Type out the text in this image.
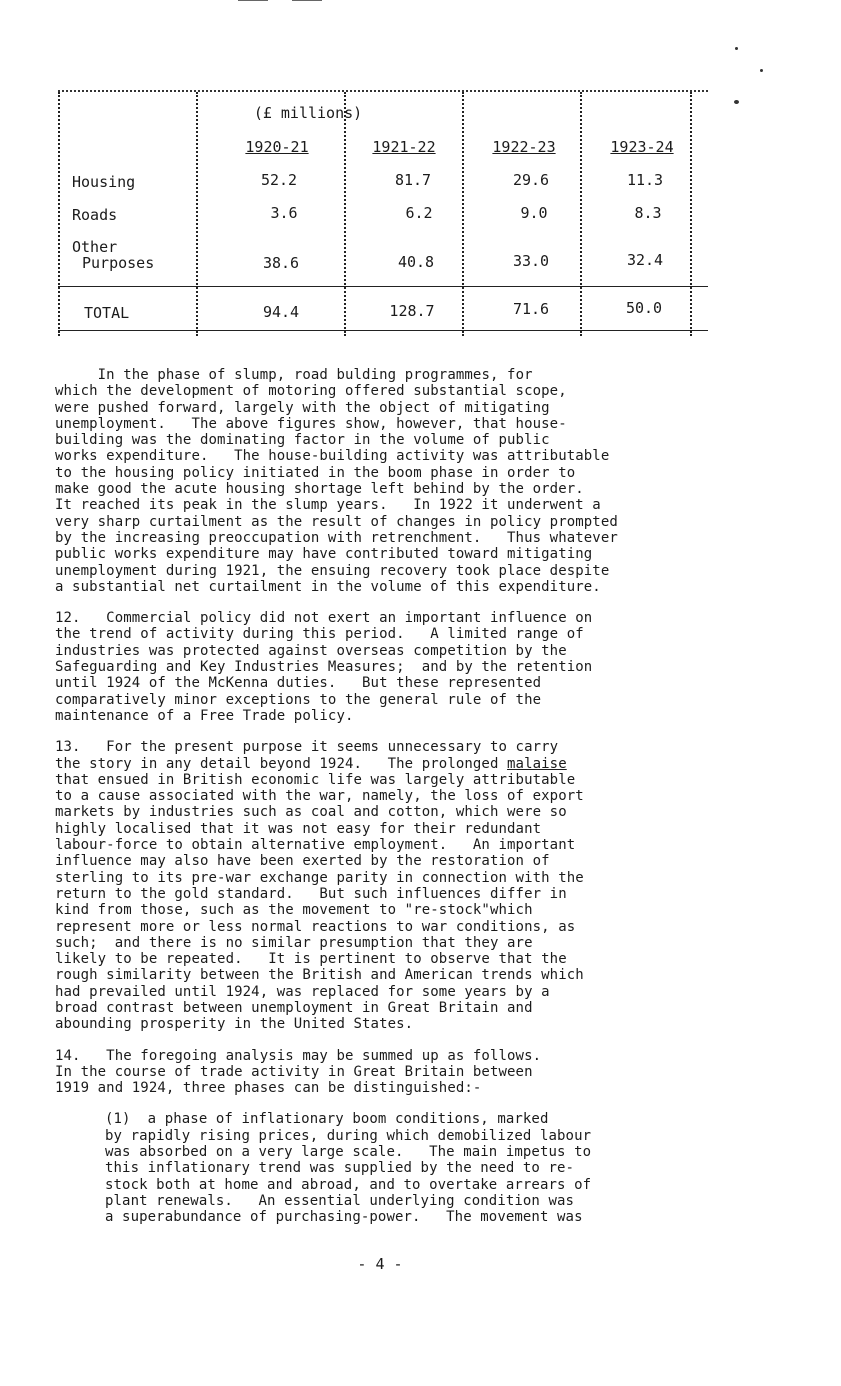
(£ millions)
1920-21	1921-22	1922-23	1923-24
Housing	52.2	81.7	29.6	11.3
Roads	3.6	6.2	9.0	8.3
Other
Purposes	38.6	40.8	33.0	32.4
TOTAL	94.4	128.7	71.6	50.0

In the phase of slump, road bulding programmes, for
which the development of motoring offered substantial scope,
were pushed forward, largely with the object of mitigating
unemployment.   The above figures show, however, that house-
building was the dominating factor in the volume of public
works expenditure.   The house-building activity was attributable
to the housing policy initiated in the boom phase in order to
make good the acute housing shortage left behind by the order.
It reached its peak in the slump years.   In 1922 it underwent a
very sharp curtailment as the result of changes in policy prompted
by the increasing preoccupation with retrenchment.   Thus whatever
public works expenditure may have contributed toward mitigating
unemployment during 1921, the ensuing recovery took place despite
a substantial net curtailment in the volume of this expenditure.

12.   Commercial policy did not exert an important influence on
the trend of activity during this period.   A limited range of
industries was protected against overseas competition by the
Safeguarding and Key Industries Measures;  and by the retention
until 1924 of the McKenna duties.   But these represented
comparatively minor exceptions to the general rule of the
maintenance of a Free Trade policy.

13.   For the present purpose it seems unnecessary to carry
the story in any detail beyond 1924.   The prolonged malaise
that ensued in British economic life was largely attributable
to a cause associated with the war, namely, the loss of export
markets by industries such as coal and cotton, which were so
highly localised that it was not easy for their redundant
labour-force to obtain alternative employment.   An important
influence may also have been exerted by the restoration of
sterling to its pre-war exchange parity in connection with the
return to the gold standard.   But such influences differ in
kind from those, such as the movement to "re-stock"which
represent more or less normal reactions to war conditions, as
such;  and there is no similar presumption that they are
likely to be repeated.   It is pertinent to observe that the
rough similarity between the British and American trends which
had prevailed until 1924, was replaced for some years by a
broad contrast between unemployment in Great Britain and
abounding prosperity in the United States.

14.   The foregoing analysis may be summed up as follows.
In the course of trade activity in Great Britain between
1919 and 1924, three phases can be distinguished:-

(1)  a phase of inflationary boom conditions, marked
by rapidly rising prices, during which demobilized labour
was absorbed on a very large scale.   The main impetus to
this inflationary trend was supplied by the need to re-
stock both at home and abroad, and to overtake arrears of
plant renewals.   An essential underlying condition was
a superabundance of purchasing-power.   The movement was

- 4 -
